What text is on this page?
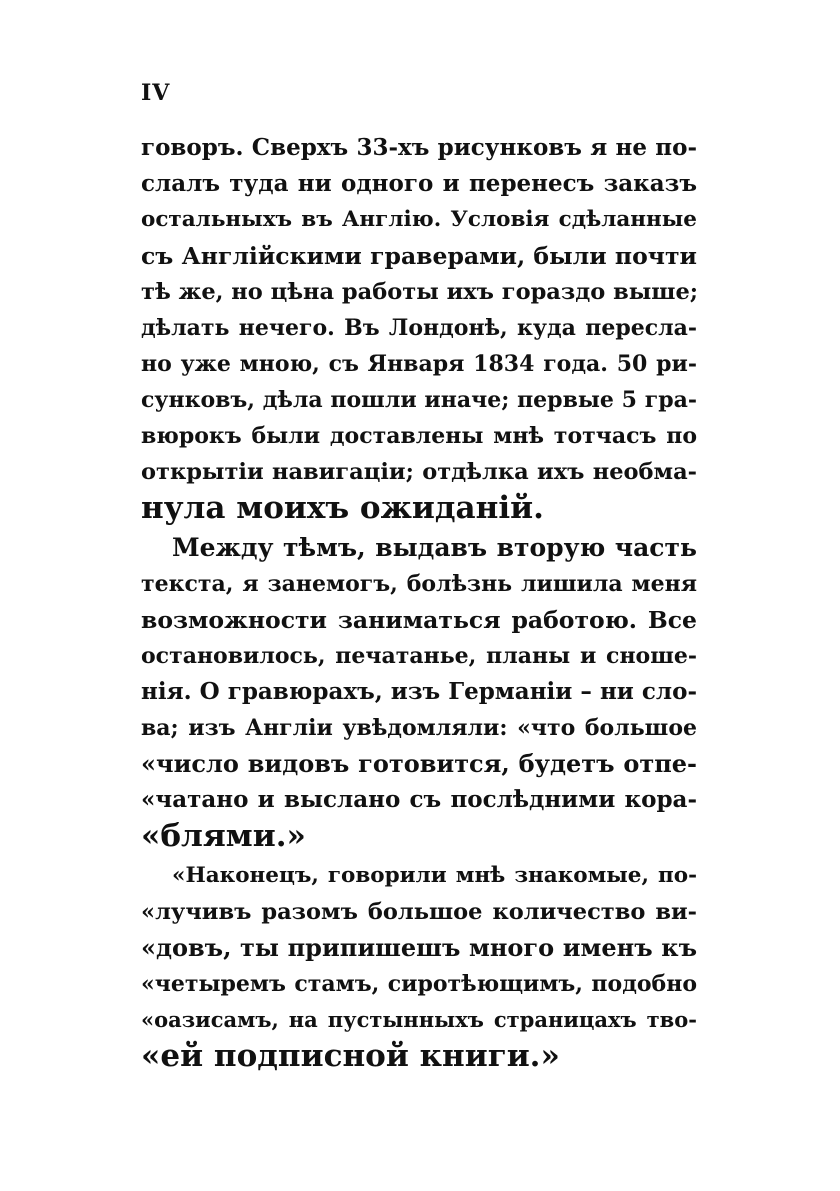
IV
говоръ. Сверхъ 33-хъ рисунковъ я не по-
слалъ туда ни одного и перенесъ заказъ
остальныхъ въ Англію. Условія сдѣланные
съ Англійскими граверами, были почти
тѣ же, но цѣна работы ихъ гораздо выше;
дѣлать нечего. Въ Лондонѣ, куда пересла-
но уже мною, съ Января 1834 года. 50 ри-
сунковъ, дѣла пошли иначе; первые 5 гра-
вюрокъ были доставлены мнѣ тотчасъ по
открытіи навигаціи; отдѣлка ихъ необма-
нула моихъ ожиданій.
Между тѣмъ, выдавъ вторую часть
текста, я занемогъ, болѣзнь лишила меня
возможности заниматься работою. Все
остановилось, печатанье, планы и сноше-
нія. О гравюрахъ, изъ Германіи – ни сло-
ва; изъ Англіи увѣдомляли: «что большое
«число видовъ готовится, будетъ отпе-
«чатано и выслано съ послѣдними кора-
«блями.»
«Наконецъ, говорили мнѣ знакомые, по-
«лучивъ разомъ большое количество ви-
«довъ, ты припишешъ много именъ къ
«четыремъ стамъ, сиротѣющимъ, подобно
«оазисамъ, на пустынныхъ страницахъ тво-
«ей подписной книги.»
